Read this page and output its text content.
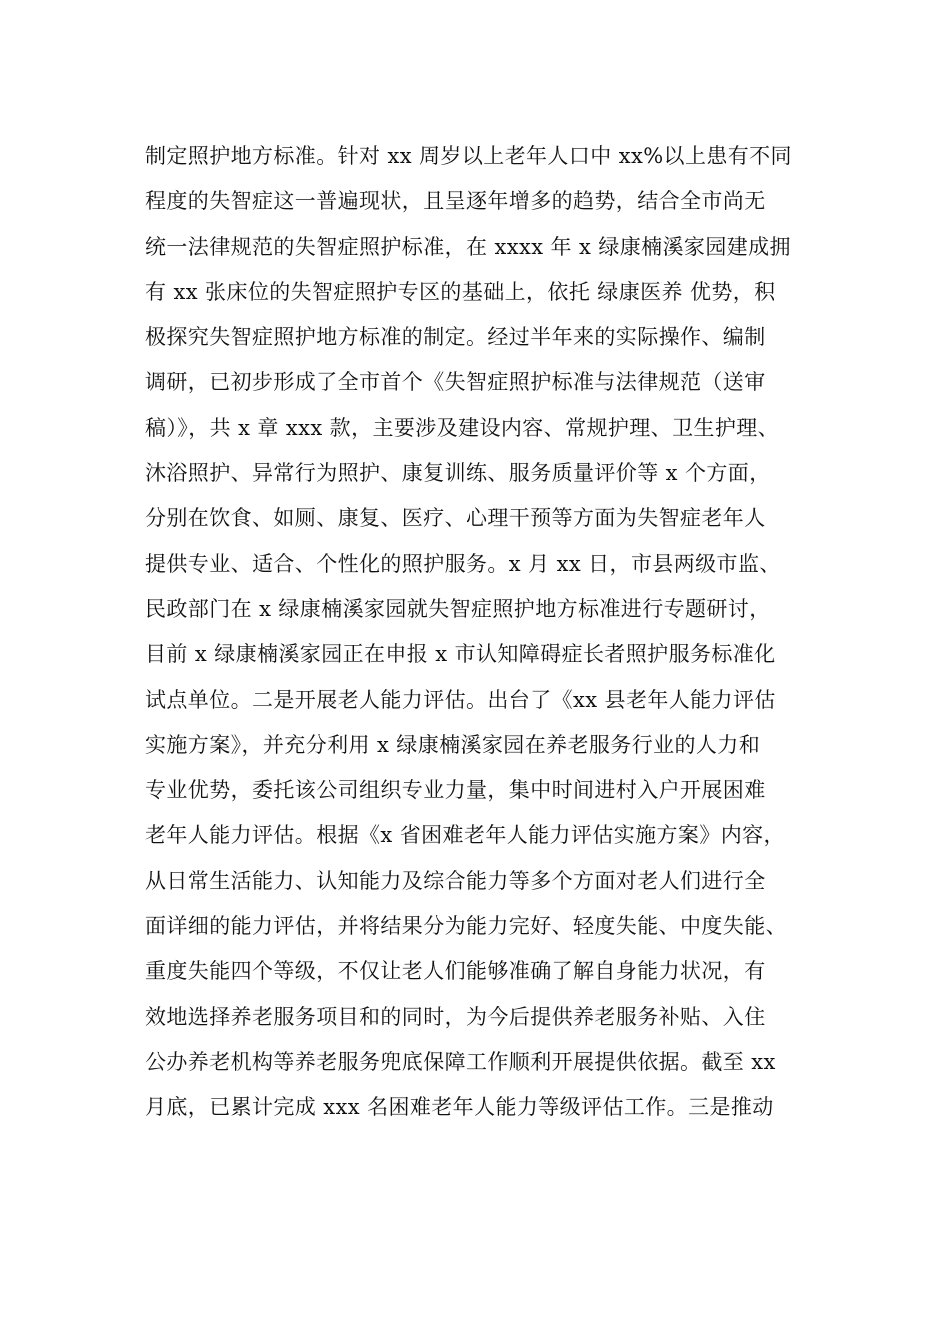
制定照护地方标准。针对 xx 周岁以上老年人口中 xx%以上患有不同
程度的失智症这一普遍现状，且呈逐年增多的趋势，结合全市尚无
统一法律规范的失智症照护标准，在 xxxx 年 x 绿康楠溪家园建成拥
有 xx 张床位的失智症照护专区的基础上，依托 绿康医养 优势，积
极探究失智症照护地方标准的制定。经过半年来的实际操作、编制
调研，已初步形成了全市首个《失智症照护标准与法律规范（送审
稿）》，共 x 章 xxx 款，主要涉及建设内容、常规护理、卫生护理、
沐浴照护、异常行为照护、康复训练、服务质量评价等 x 个方面，
分别在饮食、如厕、康复、医疗、心理干预等方面为失智症老年人
提供专业、适合、个性化的照护服务。x 月 xx 日，市县两级市监、
民政部门在 x 绿康楠溪家园就失智症照护地方标准进行专题研讨，
目前 x 绿康楠溪家园正在申报 x 市认知障碍症长者照护服务标准化
试点单位。二是开展老人能力评估。出台了《xx 县老年人能力评估
实施方案》，并充分利用 x 绿康楠溪家园在养老服务行业的人力和
专业优势，委托该公司组织专业力量，集中时间进村入户开展困难
老年人能力评估。根据《x 省困难老年人能力评估实施方案》内容，
从日常生活能力、认知能力及综合能力等多个方面对老人们进行全
面详细的能力评估，并将结果分为能力完好、轻度失能、中度失能、
重度失能四个等级，不仅让老人们能够准确了解自身能力状况，有
效地选择养老服务项目和的同时，为今后提供养老服务补贴、入住
公办养老机构等养老服务兜底保障工作顺利开展提供依据。截至 xx
月底，已累计完成 xxx 名困难老年人能力等级评估工作。三是推动
